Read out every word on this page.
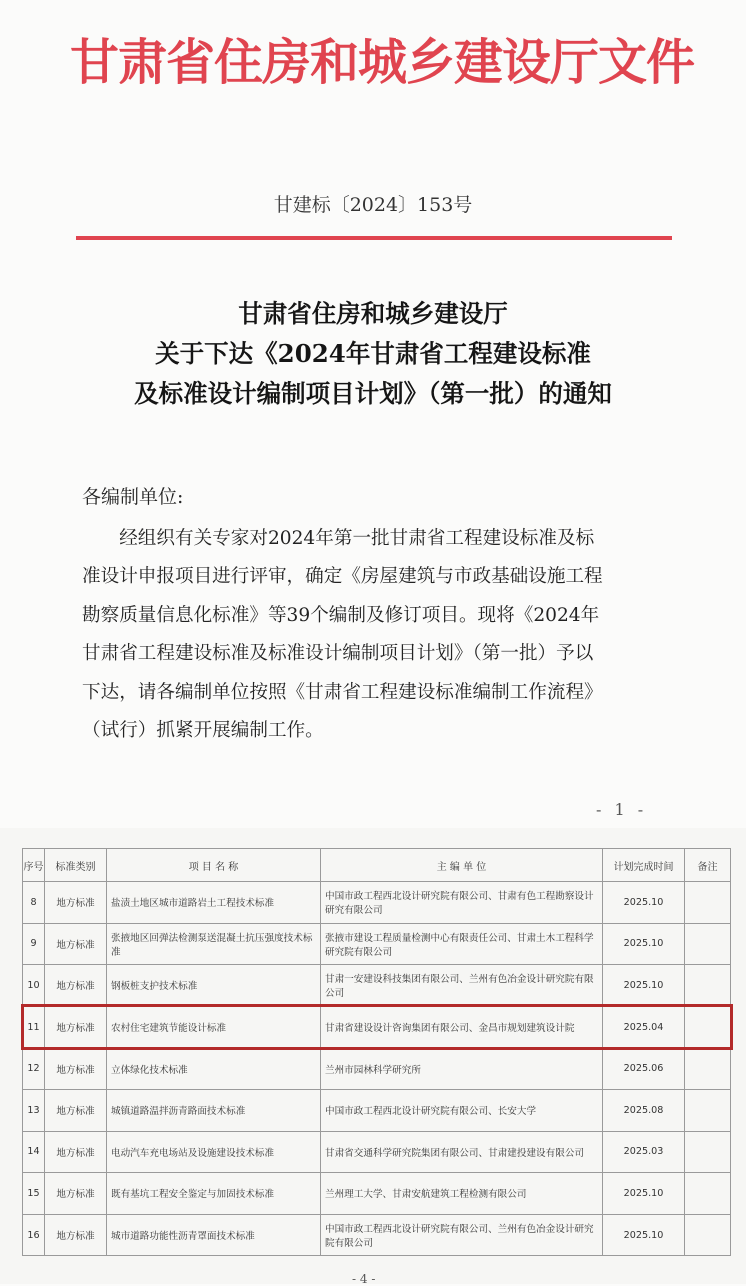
甘肃省住房和城乡建设厅文件
甘建标〔2024〕153号
甘肃省住房和城乡建设厅
关于下达《2024年甘肃省工程建设标准
及标准设计编制项目计划》（第一批）的通知
各编制单位:
　　经组织有关专家对2024年第一批甘肃省工程建设标准及标
准设计申报项目进行评审，确定《房屋建筑与市政基础设施工程
勘察质量信息化标准》等39个编制及修订项目。现将《2024年
甘肃省工程建设标准及标准设计编制项目计划》（第一批）予以
下达，请各编制单位按照《甘肃省工程建设标准编制工作流程》
（试行）抓紧开展编制工作。
- 1 -
序号	标准类别	项 目 名 称	主 编 单 位	计划完成时间	备注
8	地方标准	盐渍土地区城市道路岩土工程技术标准	中国市政工程西北设计研究院有限公司、甘肃有色工程勘察设计研究有限公司	2025.10	
9	地方标准	张掖地区回弹法检测泵送混凝土抗压强度技术标准	张掖市建设工程质量检测中心有限责任公司、甘肃土木工程科学研究院有限公司	2025.10	
10	地方标准	钢板桩支护技术标准	甘肃一安建设科技集团有限公司、兰州有色冶金设计研究院有限公司	2025.10	
11	地方标准	农村住宅建筑节能设计标准	甘肃省建设设计咨询集团有限公司、金昌市规划建筑设计院	2025.04	
12	地方标准	立体绿化技术标准	兰州市园林科学研究所	2025.06	
13	地方标准	城镇道路温拌沥青路面技术标准	中国市政工程西北设计研究院有限公司、长安大学	2025.08	
14	地方标准	电动汽车充电场站及设施建设技术标准	甘肃省交通科学研究院集团有限公司、甘肃建投建设有限公司	2025.03	
15	地方标准	既有基坑工程安全鉴定与加固技术标准	兰州理工大学、甘肃安航建筑工程检测有限公司	2025.10	
16	地方标准	城市道路功能性沥青罩面技术标准	中国市政工程西北设计研究院有限公司、兰州有色冶金设计研究院有限公司	2025.10	
- 4 -
